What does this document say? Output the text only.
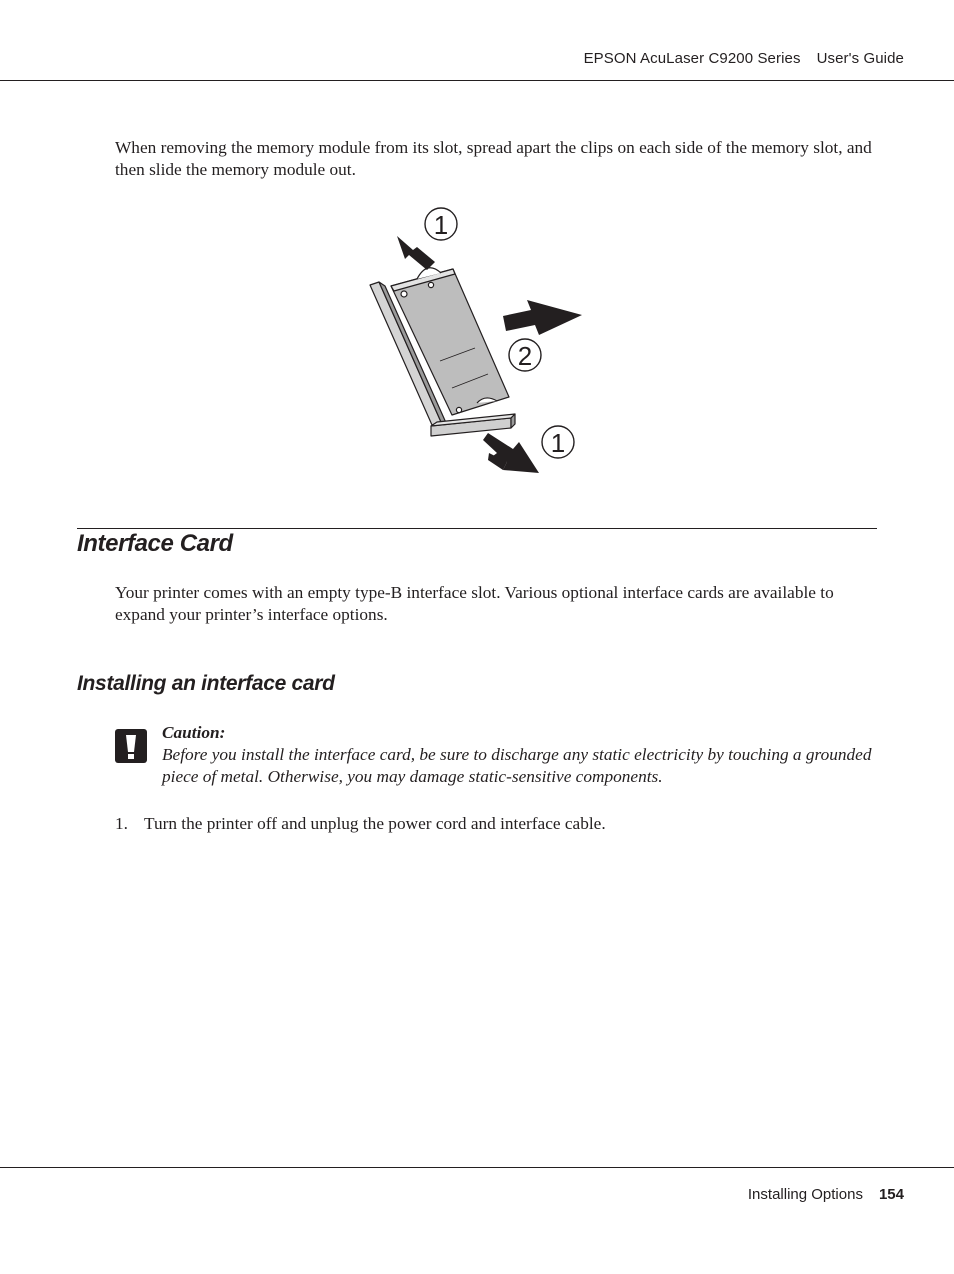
EPSON AcuLaser C9200 Series User's Guide

When removing the memory module from its slot, spread apart the clips on each side of the memory slot, and then slide the memory module out.

1
2
1
Interface Card

Your printer comes with an empty type-B interface slot. Various optional interface cards are available to expand your printer’s interface options.

Installing an interface card
Caution:
Before you install the interface card, be sure to discharge any static electricity by touching a grounded piece of metal. Otherwise, you may damage static-sensitive components.
1. Turn the printer off and unplug the power cord and interface cable.
Installing Options 154
